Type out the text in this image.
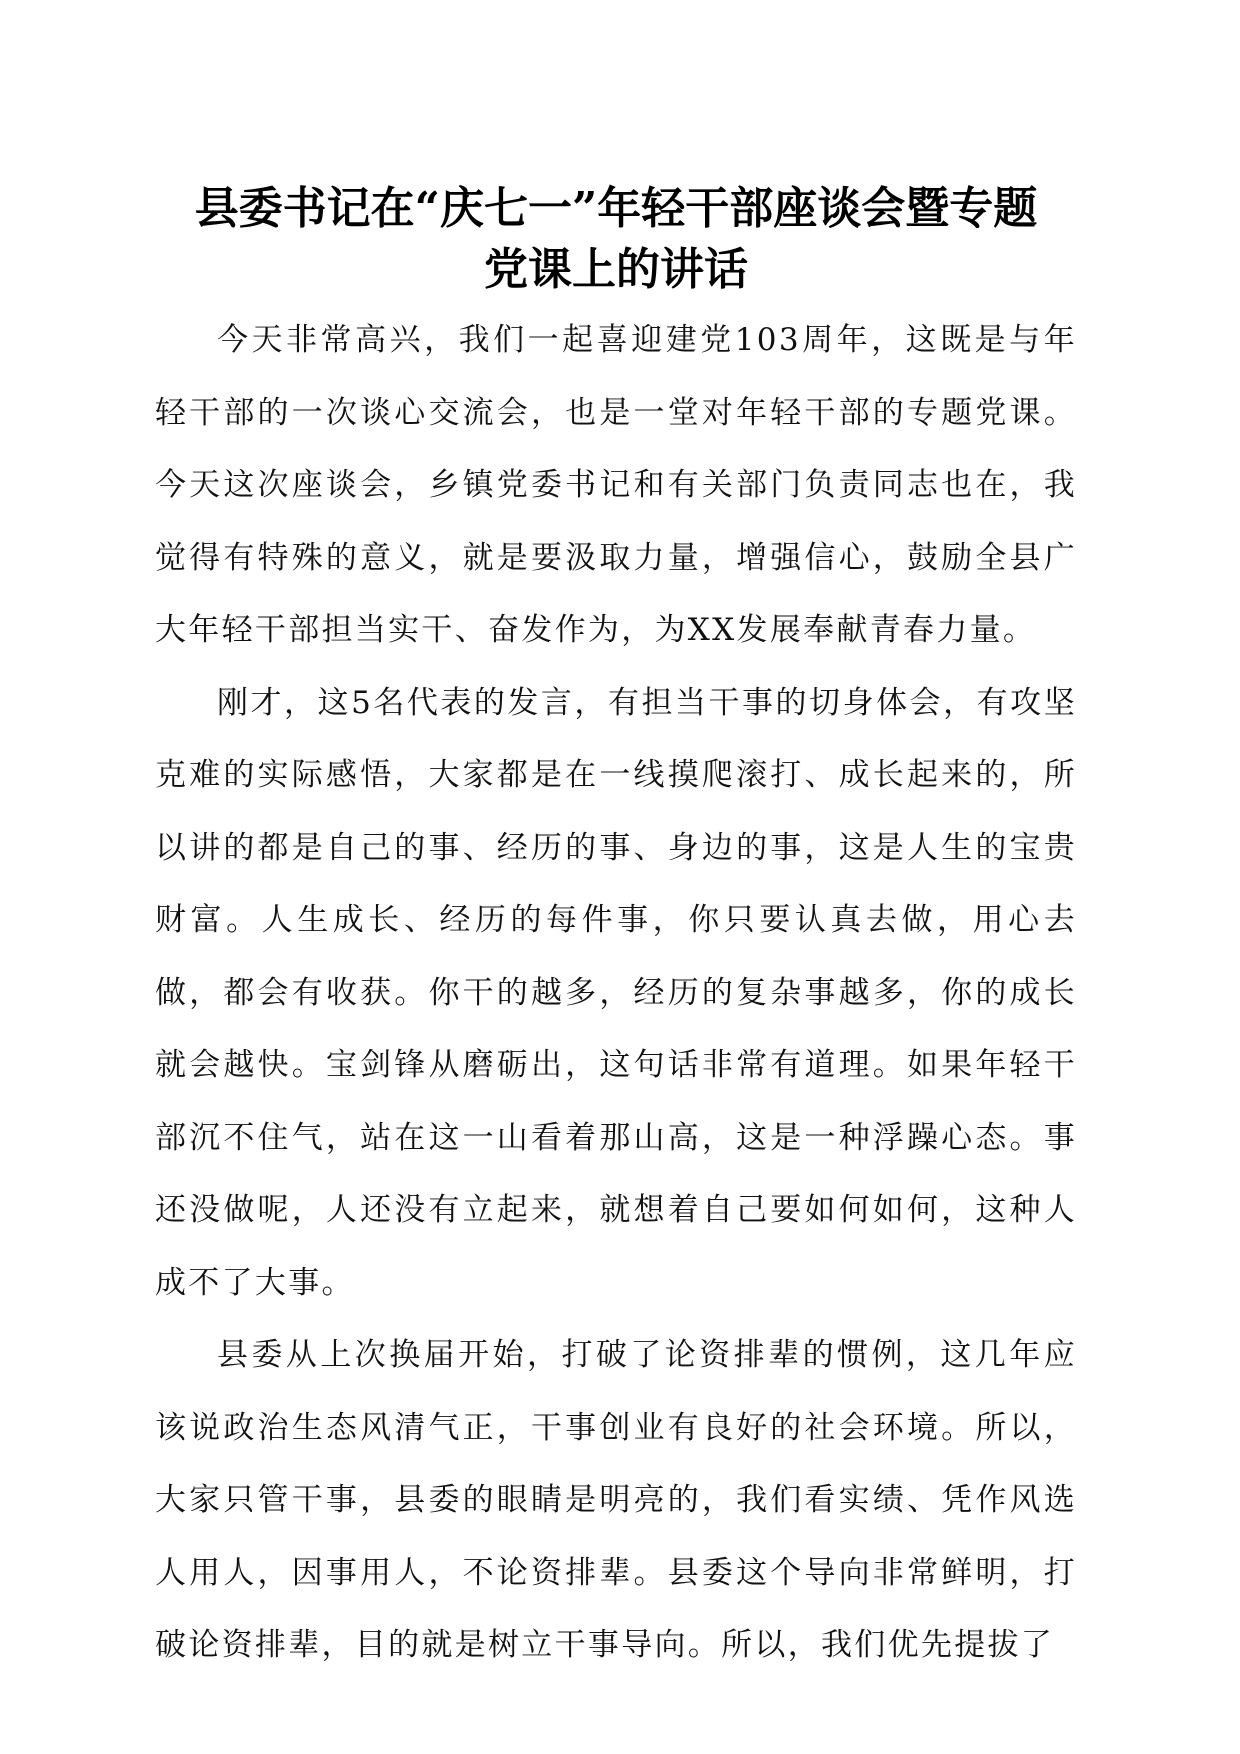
县委书记在“庆七一”年轻干部座谈会暨专题
党课上的讲话

今天非常高兴，我们一起喜迎建党103周年，这既是与年轻干部的一次谈心交流会，也是一堂对年轻干部的专题党课。今天这次座谈会，乡镇党委书记和有关部门负责同志也在，我觉得有特殊的意义，就是要汲取力量，增强信心，鼓励全县广大年轻干部担当实干、奋发作为，为XX发展奉献青春力量。

刚才，这5名代表的发言，有担当干事的切身体会，有攻坚克难的实际感悟，大家都是在一线摸爬滚打、成长起来的，所以讲的都是自己的事、经历的事、身边的事，这是人生的宝贵财富。人生成长、经历的每件事，你只要认真去做，用心去做，都会有收获。你干的越多，经历的复杂事越多，你的成长就会越快。宝剑锋从磨砺出，这句话非常有道理。如果年轻干部沉不住气，站在这一山看着那山高，这是一种浮躁心态。事还没做呢，人还没有立起来，就想着自己要如何如何，这种人成不了大事。

县委从上次换届开始，打破了论资排辈的惯例，这几年应该说政治生态风清气正，干事创业有良好的社会环境。所以，大家只管干事，县委的眼睛是明亮的，我们看实绩、凭作风选人用人，因事用人，不论资排辈。县委这个导向非常鲜明，打破论资排辈，目的就是树立干事导向。所以，我们优先提拔了
